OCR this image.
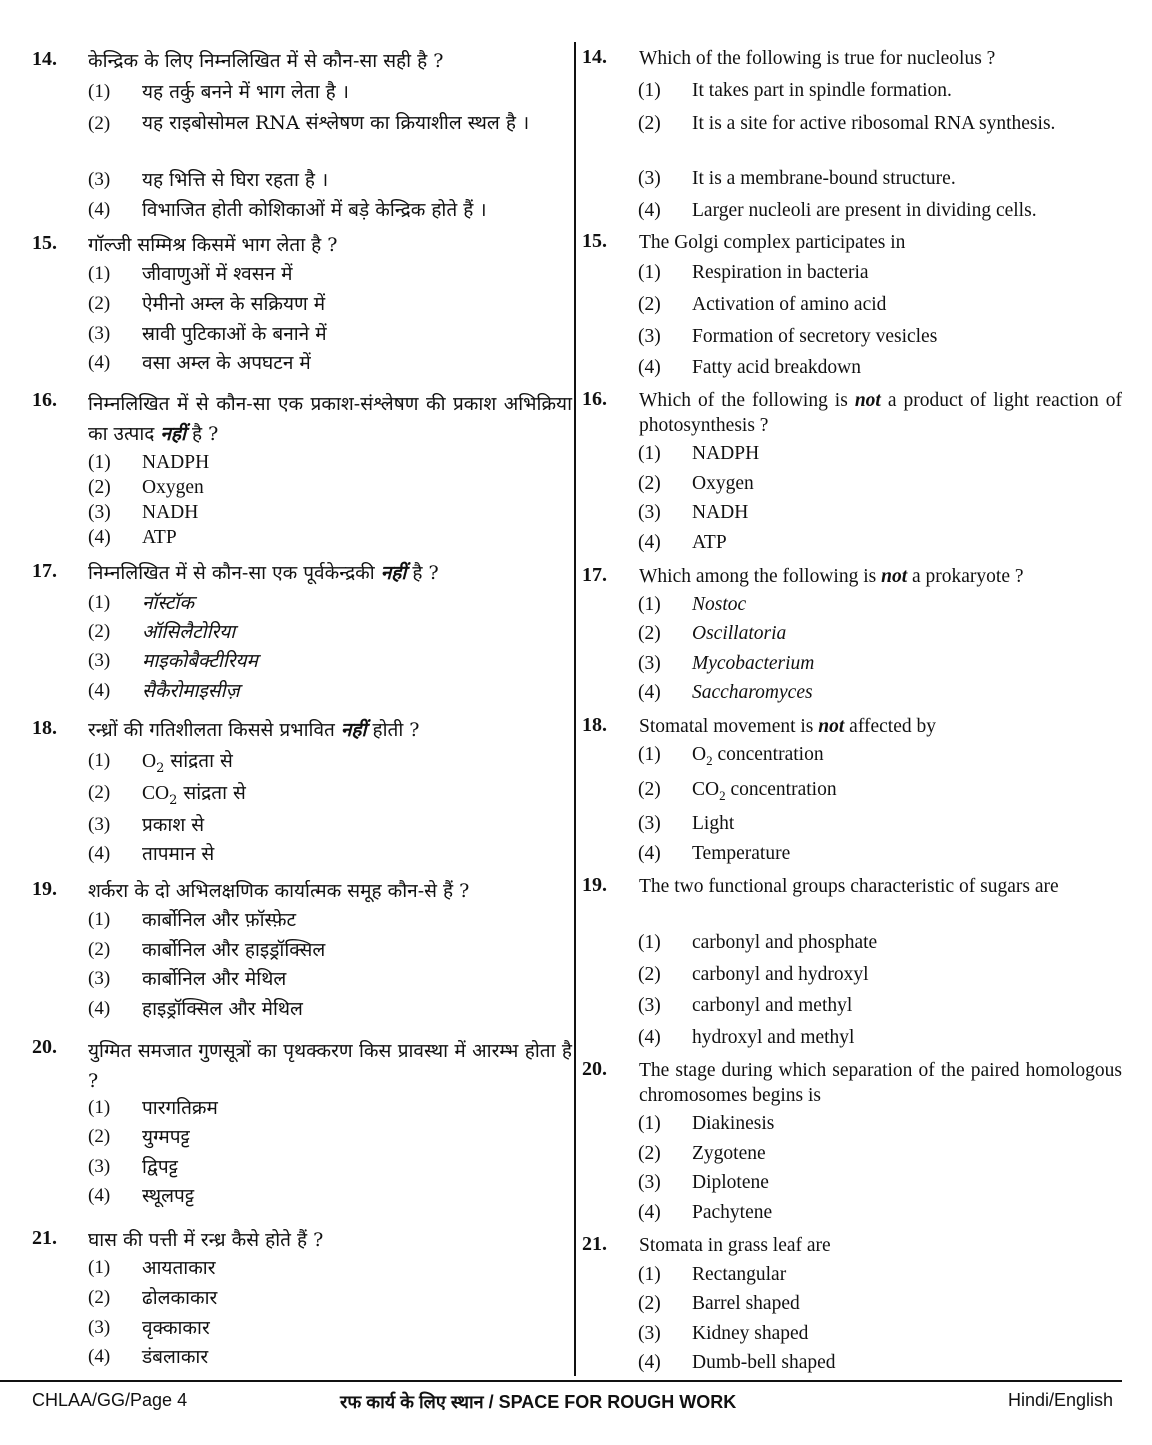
14. केन्द्रिक के लिए निम्नलिखित में से कौन-सा सही है ?
(1) यह तर्कु बनने में भाग लेता है ।
(2) यह राइबोसोमल RNA संश्लेषण का क्रियाशील स्थल है ।
(3) यह भित्ति से घिरा रहता है ।
(4) विभाजित होती कोशिकाओं में बड़े केन्द्रिक होते हैं ।
15. गॉल्जी सम्मिश्र किसमें भाग लेता है ?
(1) जीवाणुओं में श्वसन में
(2) ऐमीनो अम्ल के सक्रियण में
(3) स्रावी पुटिकाओं के बनाने में
(4) वसा अम्ल के अपघटन में
16. निम्नलिखित में से कौन-सा एक प्रकाश-संश्लेषण की प्रकाश अभिक्रिया का उत्पाद नहीं है ?
(1) NADPH
(2) Oxygen
(3) NADH
(4) ATP
17. निम्नलिखित में से कौन-सा एक पूर्वकेन्द्रकी नहीं है ?
(1) नॉस्टॉक
(2) ऑसिलैटोरिया
(3) माइकोबैक्टीरियम
(4) सैकैरोमाइसीज़
18. रन्ध्रों की गतिशीलता किससे प्रभावित नहीं होती ?
(1) $O_2$ सांद्रता से
(2) $CO_2$ सांद्रता से
(3) प्रकाश से
(4) तापमान से
19. शर्करा के दो अभिलक्षणिक कार्यात्मक समूह कौन-से हैं ?
(1) कार्बोनिल और फ़ॉस्फ़ेट
(2) कार्बोनिल और हाइड्रॉक्सिल
(3) कार्बोनिल और मेथिल
(4) हाइड्रॉक्सिल और मेथिल
20. युग्मित समजात गुणसूत्रों का पृथक्करण किस प्रावस्था में आरम्भ होता है ?
(1) पारगतिक्रम
(2) युग्मपट्ट
(3) द्विपट्ट
(4) स्थूलपट्ट
21. घास की पत्ती में रन्ध्र कैसे होते हैं ?
(1) आयताकार
(2) ढोलकाकार
(3) वृक्काकार
(4) डंबलाकार
14. Which of the following is true for nucleolus ?
(1) It takes part in spindle formation.
(2) It is a site for active ribosomal RNA synthesis.
(3) It is a membrane-bound structure.
(4) Larger nucleoli are present in dividing cells.
15. The Golgi complex participates in
(1) Respiration in bacteria
(2) Activation of amino acid
(3) Formation of secretory vesicles
(4) Fatty acid breakdown
16. Which of the following is not a product of light reaction of photosynthesis ?
(1) NADPH
(2) Oxygen
(3) NADH
(4) ATP
17. Which among the following is not a prokaryote ?
(1) Nostoc
(2) Oscillatoria
(3) Mycobacterium
(4) Saccharomyces
18. Stomatal movement is not affected by
(1) $O_2$ concentration
(2) $CO_2$ concentration
(3) Light
(4) Temperature
19. The two functional groups characteristic of sugars are
(1) carbonyl and phosphate
(2) carbonyl and hydroxyl
(3) carbonyl and methyl
(4) hydroxyl and methyl
20. The stage during which separation of the paired homologous chromosomes begins is
(1) Diakinesis
(2) Zygotene
(3) Diplotene
(4) Pachytene
21. Stomata in grass leaf are
(1) Rectangular
(2) Barrel shaped
(3) Kidney shaped
(4) Dumb-bell shaped
CHLAA/GG/Page 4	रफ कार्य के लिए स्थान / SPACE FOR ROUGH WORK	Hindi/English
